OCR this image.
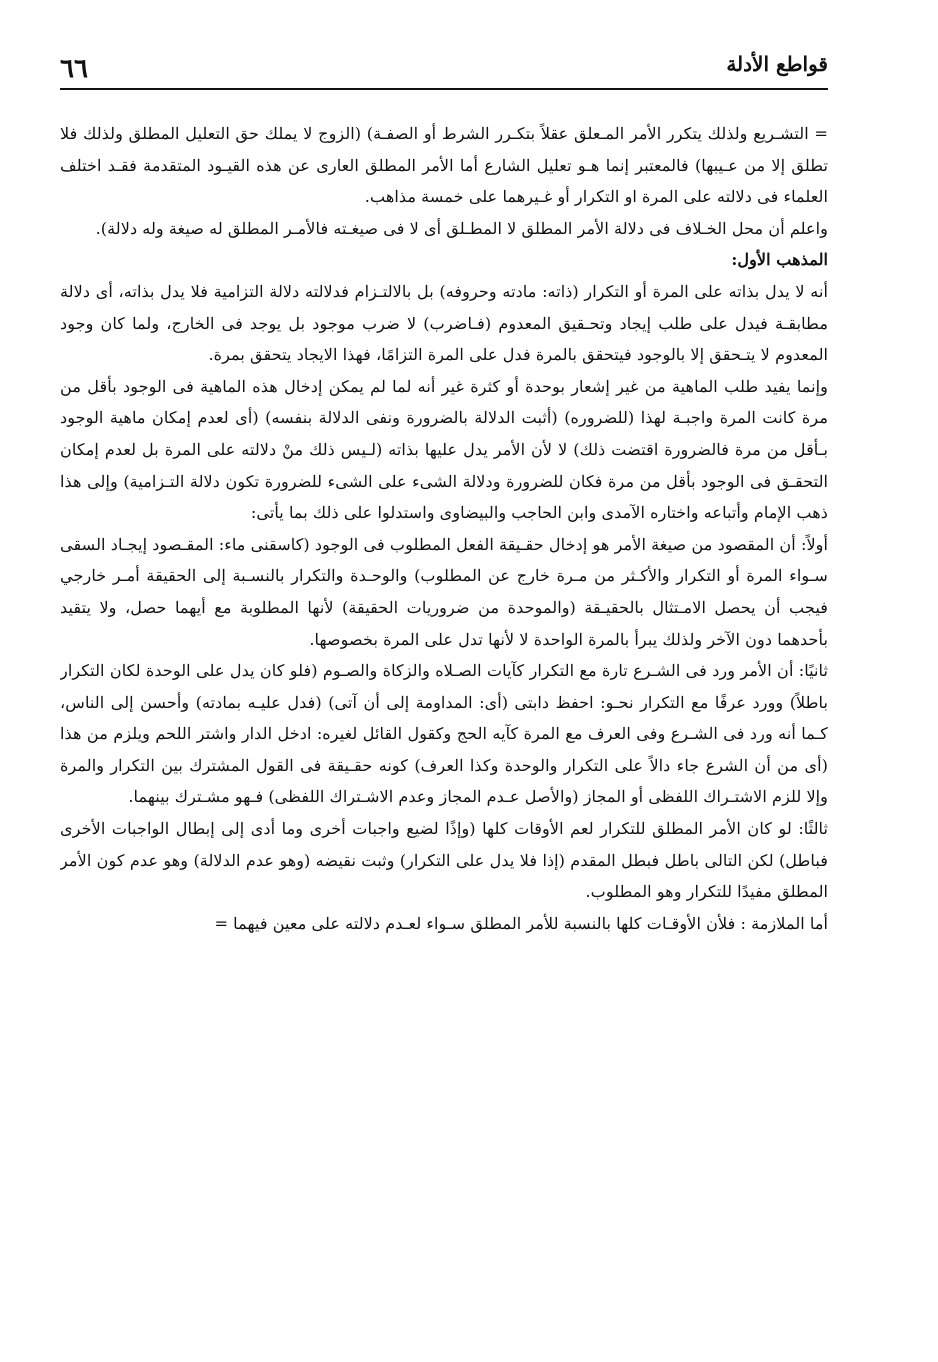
قواطع الأدلة
٦٦

= التشـريع ولذلك يتكرر الأمر المـعلق عقلاً بتكـرر الشرط أو الصفـة) (الزوج لا يملك حق التعليل المطلق ولذلك فلا تطلق إلا من عـيبها) فالمعتبر إنما هـو تعليل الشارع أما الأمر المطلق العارى عن هذه القيـود المتقدمة فقـد اختلف العلماء فى دلالته على المرة او التكرار أو غـيرهما على خمسة مذاهب.

واعلم أن محل الخـلاف فى دلالة الأمر المطلق لا المطـلق أى لا فى صيغـته فالأمـر المطلق له صيغة وله دلالة).

المذهب الأول:

أنه لا يدل بذاته على المرة أو التكرار (ذاته: مادته وحروفه) بل بالالتـزام فدلالته دلالة التزامية فلا يدل بذاته، أى دلالة مطابقـة فيدل على طلب إيجاد وتحـقيق المعدوم (فـاضرب) لا ضرب موجود بل يوجد فى الخارج، ولما كان وجود المعدوم لا يتـحقق إلا بالوجود فيتحقق بالمرة فدل على المرة التزامًا، فهذا الايجاد يتحقق بمرة.

وإنما يفيد طلب الماهية من غير إشعار بوحدة أو كثرة غير أنه لما لم يمكن إدخال هذه الماهية فى الوجود بأقل من مرة كانت المرة واجبـة لهذا (للضروره) (أثبت الدلالة بالضرورة ونفى الدلالة بنفسه) (أى لعدم إمكان ماهية الوجود بـأقل من مرة فالضرورة اقتضت ذلك) لا لأن الأمر يدل عليها بذاته (لـيس ذلك منْ دلالته على المرة بل لعدم إمكان التحقـق فى الوجود بأقل من مرة فكان للضرورة ودلالة الشىء على الشىء للضرورة تكون دلالة التـزامية) وإلى هذا ذهب الإمام وأتباعه واختاره الآمدى وابن الحاجب والبيضاوى واستدلوا على ذلك بما يأتى:

أولاً: أن المقصود من صيغة الأمر هو إدخال حقـيقة الفعل المطلوب فى الوجود (كاسقنى ماء: المقـصود إيجـاد السقى سـواء المرة أو التكرار والأكـثر من مـرة خارج عن المطلوب) والوحـدة والتكرار بالنسـبة إلى الحقيقة أمـر خارجي فيجب أن يحصل الامـتثال بالحقيـقة (والموحدة من ضروريات الحقيقة) لأنها المطلوبة مع أيهما حصل، ولا يتقيد بأحدهما دون الآخر ولذلك يبرأ بالمرة الواحدة لا لأنها تدل على المرة بخصوصها.

ثانيًا: أن الأمر ورد فى الشـرع تارة مع التكرار كآيات الصـلاه والزكاة والصـوم (فلو كان يدل على الوحدة لكان التكرار باطلاً) وورد عرفًا مع التكرار نحـو: احفظ دابتى (أى: المداومة إلى أن آتى) (فدل عليـه بمادته) وأحسن إلى الناس، كـما أنه ورد فى الشـرع وفى العرف مع المرة كآيه الحج وكقول القائل لغيره: ادخل الدار واشتر اللحم ويلزم من هذا (أى من أن الشرع جاء دالاً على التكرار والوحدة وكذا العرف) كونه حقـيقة فى القول المشترك بين التكرار والمرة وإلا للزم الاشتـراك اللفظى أو المجاز (والأصل عـدم المجاز وعدم الاشـتراك اللفظى) فـهو مشـترك بينهما.

ثالثًا: لو كان الأمر المطلق للتكرار لعم الأوقات كلها (وإذًا لضيع واجبات أخرى وما أدى إلى إبطال الواجبات الأخرى فباطل) لكن التالى باطل فبطل المقدم (إذا فلا يدل على التكرار) وثبت نقيضه (وهو عدم الدلالة) وهو عدم كون الأمر المطلق مفيدًا للتكرار وهو المطلوب.

أما الملازمة : فلأن الأوقـات كلها بالنسبة للأمر المطلق سـواء لعـدم دلالته على معين فيهما =
